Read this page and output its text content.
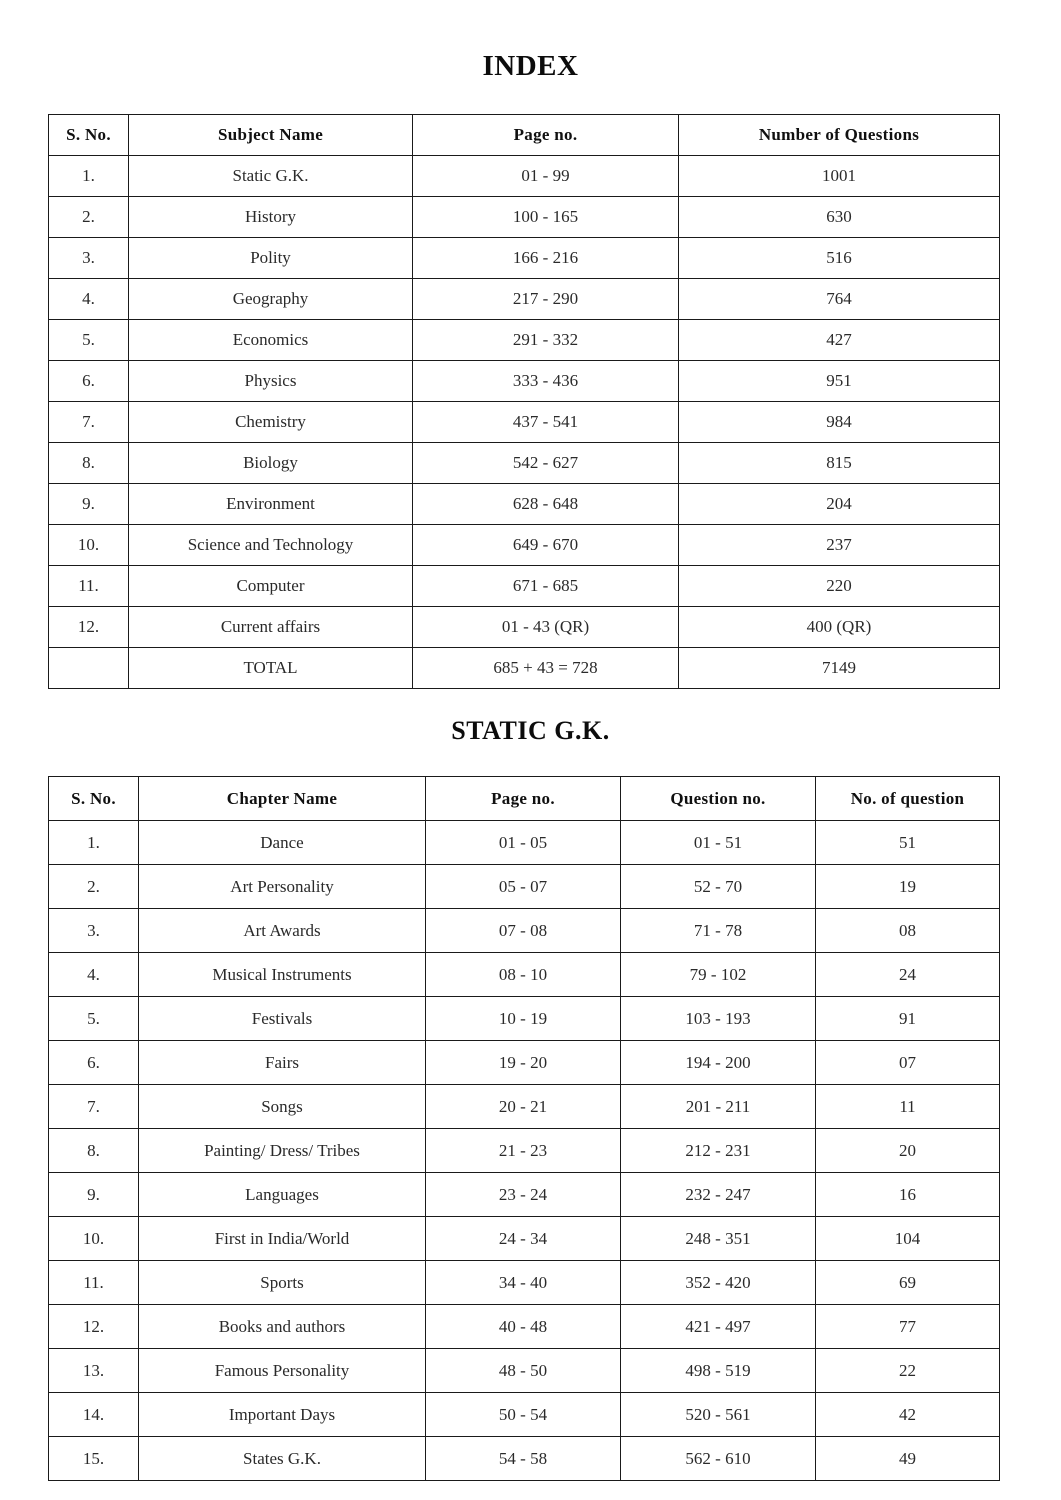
INDEX
S. No.	Subject Name	Page no.	Number of Questions
1.	Static G.K.	01 - 99	1001
2.	History	100 - 165	630
3.	Polity	166 - 216	516
4.	Geography	217 - 290	764
5.	Economics	291 - 332	427
6.	Physics	333 - 436	951
7.	Chemistry	437 - 541	984
8.	Biology	542 - 627	815
9.	Environment	628 - 648	204
10.	Science and Technology	649 - 670	237
11.	Computer	671 - 685	220
12.	Current affairs	01 - 43 (QR)	400 (QR)
	TOTAL	685 + 43 = 728	7149
STATIC G.K.
S. No.	Chapter Name	Page no.	Question no.	No. of question
1.	Dance	01 - 05	01 - 51	51
2.	Art Personality	05 - 07	52 - 70	19
3.	Art Awards	07 - 08	71 - 78	08
4.	Musical Instruments	08 - 10	79 - 102	24
5.	Festivals	10 - 19	103 - 193	91
6.	Fairs	19 - 20	194 - 200	07
7.	Songs	20 - 21	201 - 211	11
8.	Painting/ Dress/ Tribes	21 - 23	212 - 231	20
9.	Languages	23 - 24	232 - 247	16
10.	First in India/World	24 - 34	248 - 351	104
11.	Sports	34 - 40	352 - 420	69
12.	Books and authors	40 - 48	421 - 497	77
13.	Famous Personality	48 - 50	498 - 519	22
14.	Important Days	50 - 54	520 - 561	42
15.	States G.K.	54 - 58	562 - 610	49
